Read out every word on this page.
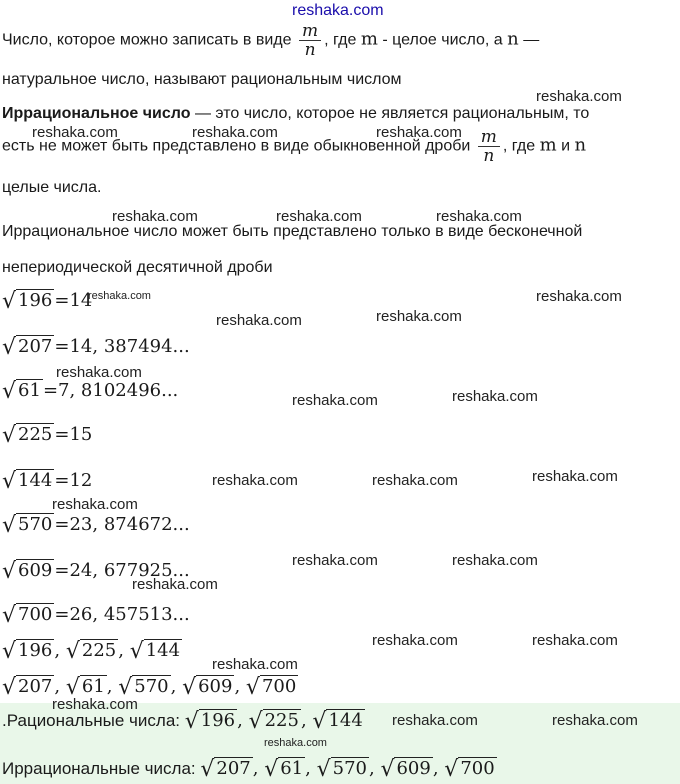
reshaka.com
Число, которое можно записать в виде $\frac{m}{n}$ , где m - целое число, а n —
натуральное число, называют рациональным числом
Иррациональное число — это число, которое не является рациональным, то
есть не может быть представлено в виде обыкновенной дроби $\frac{m}{n}$ , где m и n
целые числа.
Иррациональное число может быть представлено только в виде бесконечной
непериодической десятичной дроби
√ 196 =14
√ 207 =14, 387494...
√ 61 =7, 8102496...
√ 225 =15
√ 144 =12
√ 570 =23, 874672...
√ 609 =24, 677925...
√ 700 =26, 457513...
√ 196 , √ 225 , √ 144
√ 207 , √ 61 , √ 570 , √ 609 , √ 700
.Рациональные числа: √ 196 , √ 225 , √ 144
Иррациональные числа: √ 207 , √ 61 , √ 570 , √ 609 , √ 700
reshaka.com
reshaka.com	reshaka.com	reshaka.com
reshaka.com	reshaka.com	reshaka.com
reshaka.com	reshaka.com
reshaka.com	reshaka.com
reshaka.com
reshaka.com	reshaka.com
reshaka.com	reshaka.com	reshaka.com
reshaka.com
reshaka.com	reshaka.com
reshaka.com
reshaka.com	reshaka.com
reshaka.com
reshaka.com
reshaka.com	reshaka.com
reshaka.com
